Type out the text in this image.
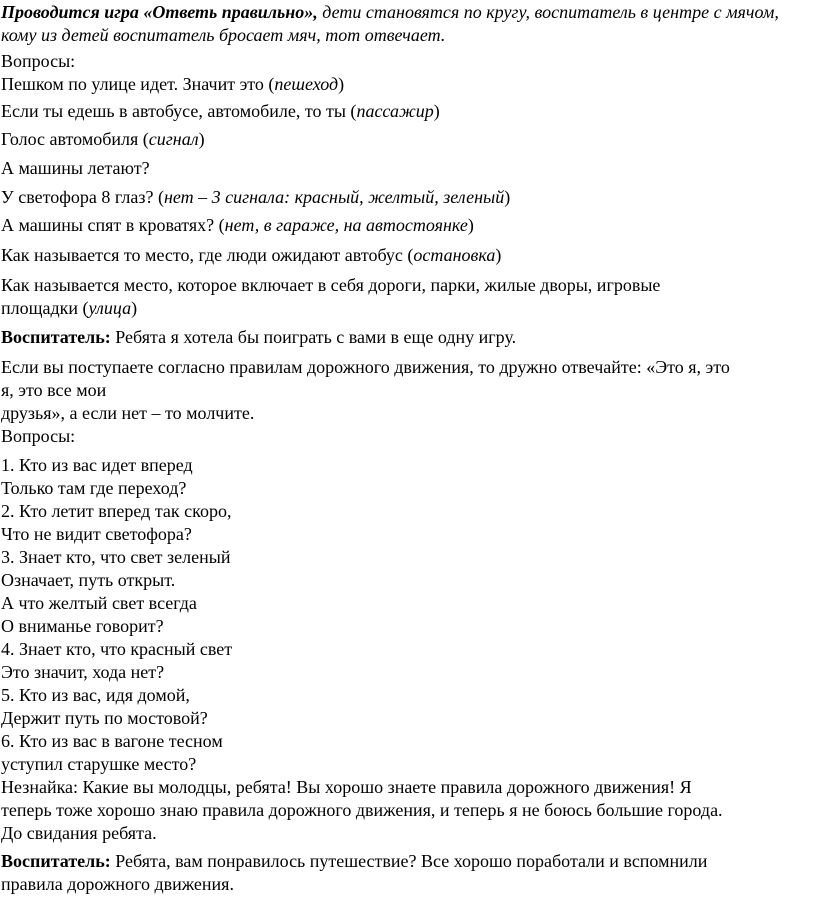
Проводится игра «Ответь правильно», дети становятся по кругу, воспитатель в центре с мячом, кому из детей воспитатель бросает мяч, тот отвечает.

Вопросы:
Пешком по улице идет. Значит это (пешеход)
Если ты едешь в автобусе, автомобиле, то ты (пассажир)
Голос автомобиля (сигнал)
А машины летают?
У светофора 8 глаз? (нет – 3 сигнала: красный, желтый, зеленый)
А машины спят в кроватях? (нет, в гараже, на автостоянке)
Как называется то место, где люди ожидают автобус (остановка)
Как называется место, которое включает в себя дороги, парки, жилые дворы, игровые
площадки (улица)
Воспитатель: Ребята я хотела бы поиграть с вами в еще одну игру.
Если вы поступаете согласно правилам дорожного движения, то дружно отвечайте: «Это я, это
я, это все мои
друзья», а если нет – то молчите.
Вопросы:
1. Кто из вас идет вперед
Только там где переход?
2. Кто летит вперед так скоро,
Что не видит светофора?
3. Знает кто, что свет зеленый
Означает, путь открыт.
А что желтый свет всегда
О вниманье говорит?
4. Знает кто, что красный свет
Это значит, хода нет?
5. Кто из вас, идя домой,
Держит путь по мостовой?
6. Кто из вас в вагоне тесном
уступил старушке место?
Незнайка: Какие вы молодцы, ребята! Вы хорошо знаете правила дорожного движения! Я
теперь тоже хорошо знаю правила дорожного движения, и теперь я не боюсь большие города.
До свидания ребята.
Воспитатель: Ребята, вам понравилось путешествие? Все хорошо поработали и вспомнили
правила дорожного движения.
